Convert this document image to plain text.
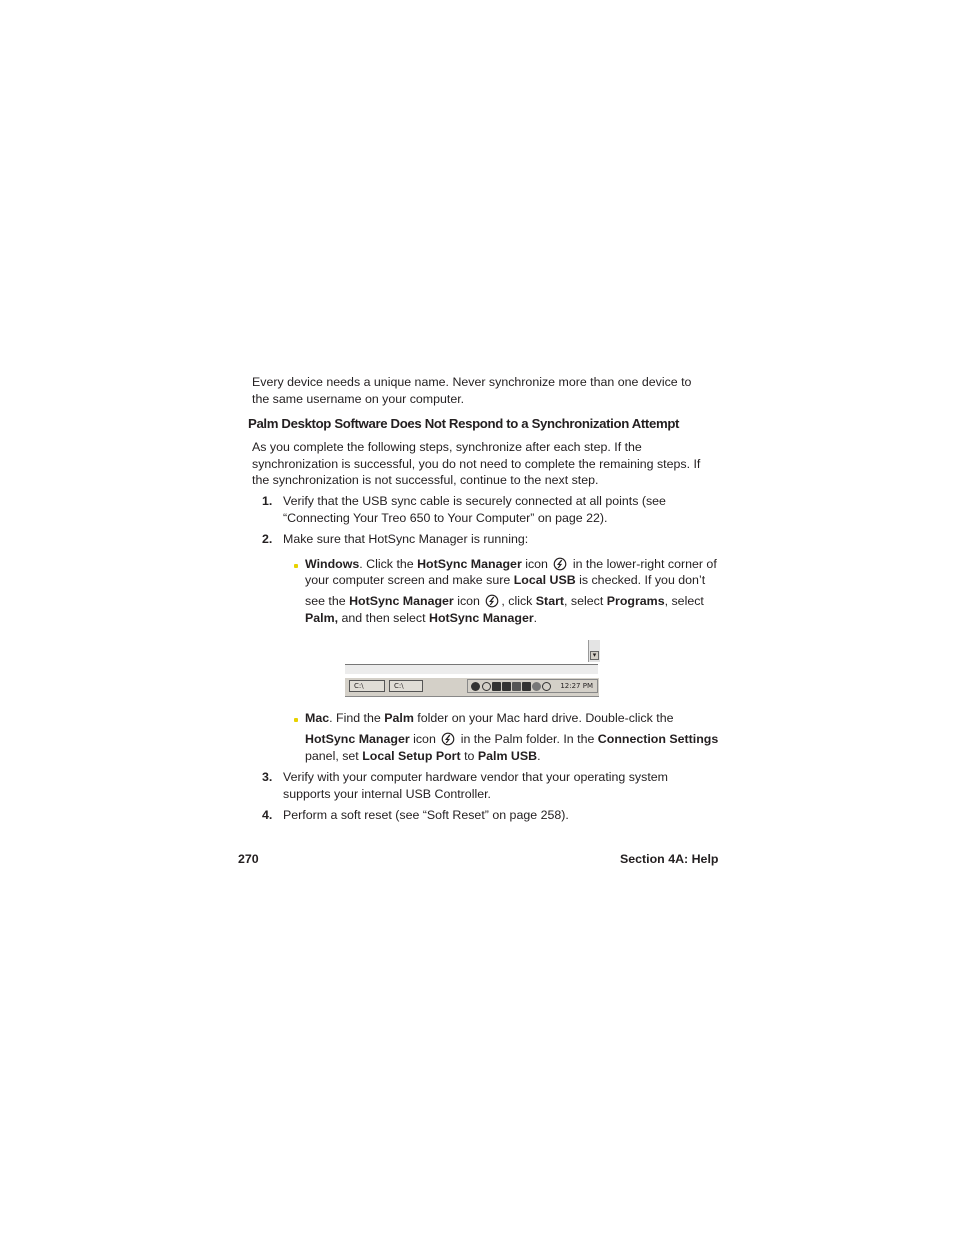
Every device needs a unique name. Never synchronize more than one device to
the same username on your computer.
Palm Desktop Software Does Not Respond to a Synchronization Attempt
As you complete the following steps, synchronize after each step. If the
synchronization is successful, you do not need to complete the remaining steps. If
the synchronization is not successful, continue to the next step.
1. Verify that the USB sync cable is securely connected at all points (see
“Connecting Your Treo 650 to Your Computer” on page 22).
2. Make sure that HotSync Manager is running:
Windows. Click the HotSync Manager icon  in the lower-right corner of
your computer screen and make sure Local USB is checked. If you don’t
see the HotSync Manager icon , click Start, select Programs, select
Palm, and then select HotSync Manager.
▾
C:\	C:\	12:27 PM
Mac. Find the Palm folder on your Mac hard drive. Double-click the
HotSync Manager icon  in the Palm folder. In the Connection Settings
panel, set Local Setup Port to Palm USB.
3. Verify with your computer hardware vendor that your operating system
supports your internal USB Controller.
4. Perform a soft reset (see “Soft Reset” on page 258).
270	Section 4A: Help
